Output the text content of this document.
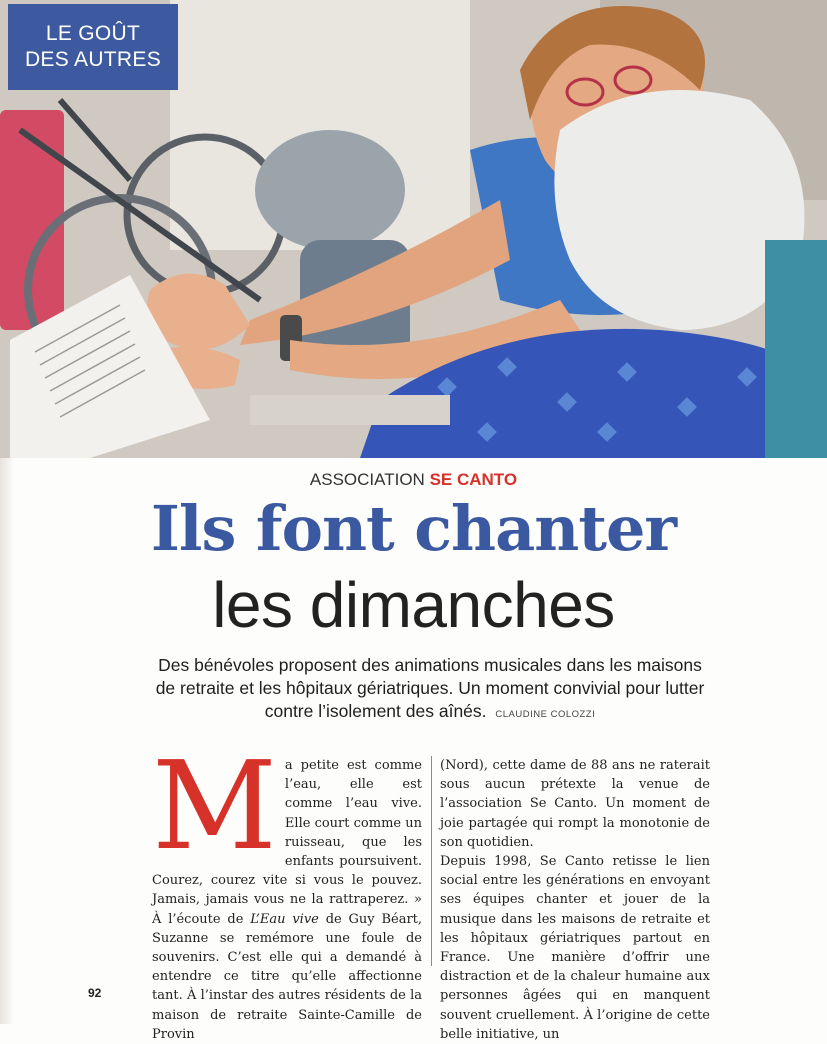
LE GOÛT
DES AUTRES
ASSOCIATION SE CANTO
Ils font chanter
les dimanches
Des bénévoles proposent des animations musicales dans les maisons de retraite et les hôpitaux gériatriques. Un moment convivial pour lutter contre l’isolement des aînés. CLAUDINE COLOZZI

M a petite est comme l’eau, elle est comme l’eau vive. Elle court comme un ruisseau, que les enfants poursuivent. Courez, courez vite si vous le pouvez. Jamais, jamais vous ne la rattraperez. » À l’écoute de L’Eau vive de Guy Béart, Suzanne se remémore une foule de souvenirs. C’est elle qui a demandé à entendre ce titre qu’elle affectionne tant. À l’instar des autres résidents de la maison de retraite Sainte-Camille de Provin

(Nord), cette dame de 88 ans ne raterait sous aucun prétexte la venue de l’association Se Canto. Un moment de joie partagée qui rompt la monotonie de son quotidien.

Depuis 1998, Se Canto retisse le lien social entre les générations en envoyant ses équipes chanter et jouer de la musique dans les maisons de retraite et les hôpitaux gériatriques partout en France. Une manière d’offrir une distraction et de la chaleur humaine aux personnes âgées qui en manquent souvent cruellement. À l’origine de cette belle initiative, un

92
